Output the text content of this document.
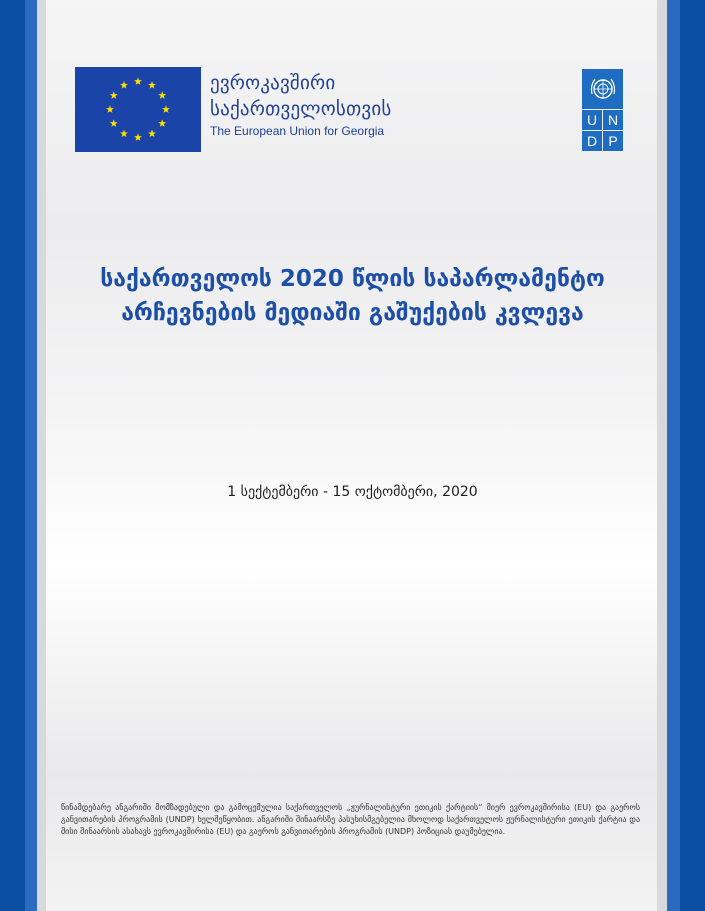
ევროკავშირი
საქართველოსთვის
The European Union for Georgia
U N
D P
საქართველოს 2020 წლის საპარლამენტო
არჩევნების მედიაში გაშუქების კვლევა
1 სექტემბერი - 15 ოქტომბერი, 2020
წინამდებარე ანგარიში მომზადებული და გამოცემულია საქართველოს „ჟურნალისტური ეთიკის ქარტიის“ მიერ ევროკავშირისა (EU) და გაეროს განვითარების პროგრამის (UNDP) ხელშეწყობით. ანგარიში შინაარსზე პასუხისმგებელია მხოლოდ საქართველოს ჟურნალისტური ეთიკის ქარტია და მისი შინაარსის ასახავს ევროკავშირისა (EU) და გაეროს განვითარების პროგრამის (UNDP) პოზიციას დაუმებელია.
